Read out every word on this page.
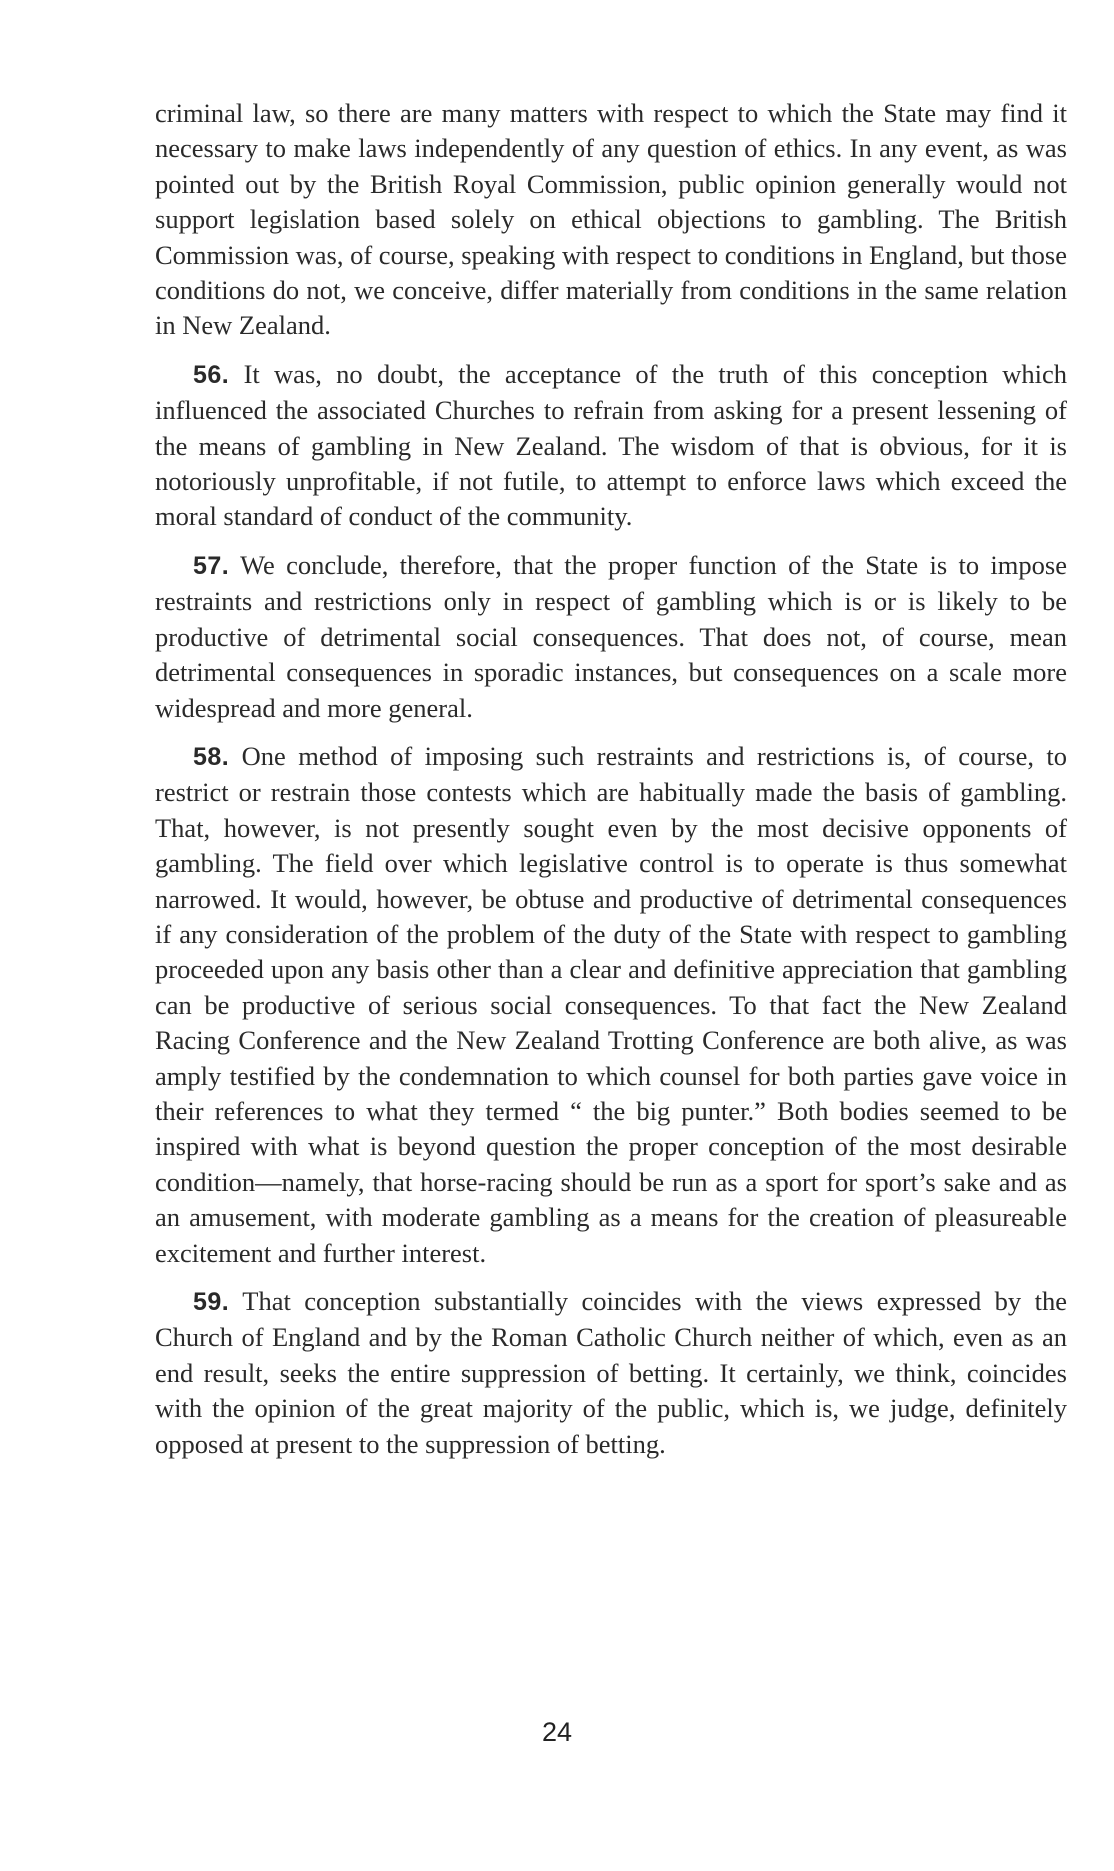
criminal law, so there are many matters with respect to which the State may find it necessary to make laws independently of any question of ethics. In any event, as was pointed out by the British Royal Commission, public opinion generally would not support legislation based solely on ethical objections to gambling. The British Commission was, of course, speaking with respect to conditions in England, but those conditions do not, we conceive, differ materially from conditions in the same relation in New Zealand.

56. It was, no doubt, the acceptance of the truth of this conception which influenced the associated Churches to refrain from asking for a present lessening of the means of gambling in New Zealand. The wisdom of that is obvious, for it is notoriously unprofitable, if not futile, to attempt to enforce laws which exceed the moral standard of conduct of the community.

57. We conclude, therefore, that the proper function of the State is to impose restraints and restrictions only in respect of gambling which is or is likely to be productive of detrimental social consequences. That does not, of course, mean detrimental consequences in sporadic instances, but consequences on a scale more widespread and more general.

58. One method of imposing such restraints and restrictions is, of course, to restrict or restrain those contests which are habitually made the basis of gambling. That, however, is not presently sought even by the most decisive opponents of gambling. The field over which legislative control is to operate is thus somewhat narrowed. It would, however, be obtuse and productive of detrimental consequences if any consideration of the problem of the duty of the State with respect to gambling proceeded upon any basis other than a clear and definitive appreciation that gambling can be productive of serious social consequences. To that fact the New Zealand Racing Conference and the New Zealand Trotting Conference are both alive, as was amply testified by the condemnation to which counsel for both parties gave voice in their references to what they termed “ the big punter.” Both bodies seemed to be inspired with what is beyond question the proper conception of the most desirable condition—namely, that horse-racing should be run as a sport for sport’s sake and as an amusement, with moderate gambling as a means for the creation of pleasureable excitement and further interest.

59. That conception substantially coincides with the views expressed by the Church of England and by the Roman Catholic Church neither of which, even as an end result, seeks the entire suppression of betting. It certainly, we think, coincides with the opinion of the great majority of the public, which is, we judge, definitely opposed at present to the suppression of betting.

24
